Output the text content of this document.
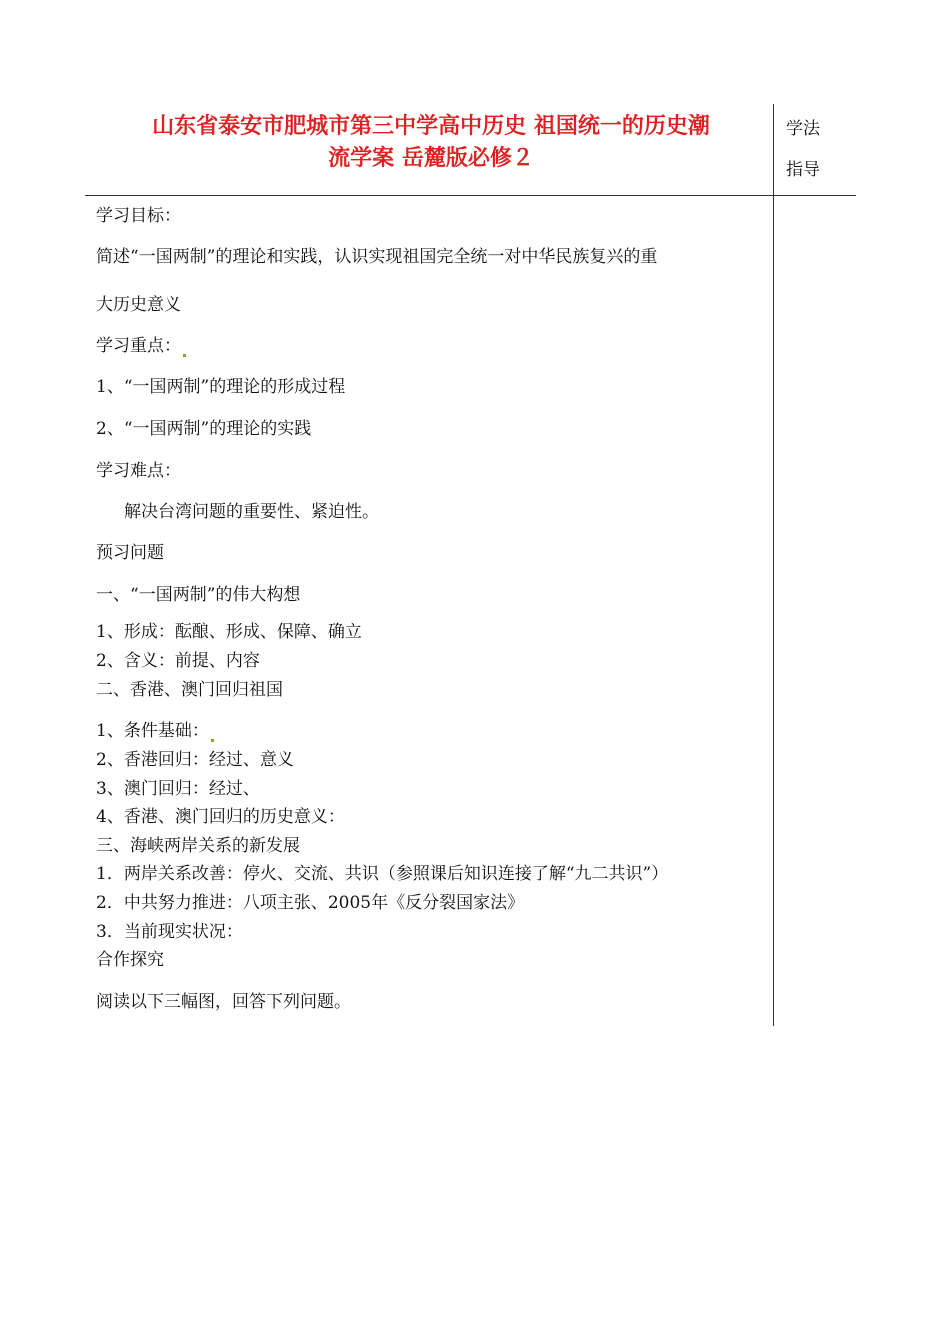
山东省泰安市肥城市第三中学高中历史 祖国统一的历史潮
流学案 岳麓版必修２
学法
指导
学习目标：
简述“一国两制”的理论和实践，认识实现祖国完全统一对中华民族复兴的重
大历史意义
学习重点：
1、“一国两制”的理论的形成过程
2、“一国两制”的理论的实践
学习难点：
解决台湾问题的重要性、紧迫性。
预习问题
一、“一国两制”的伟大构想
1、形成：酝酿、形成、保障、确立
2、含义：前提、内容
二、香港、澳门回归祖国
1、条件基础：
2、香港回归：经过、意义
3、澳门回归：经过、
4、香港、澳门回归的历史意义：
三、海峡两岸关系的新发展
1．两岸关系改善：停火、交流、共识（参照课后知识连接了解“九二共识”）
2．中共努力推进：八项主张、2005年《反分裂国家法》
3．当前现实状况：
合作探究
阅读以下三幅图，回答下列问题。
